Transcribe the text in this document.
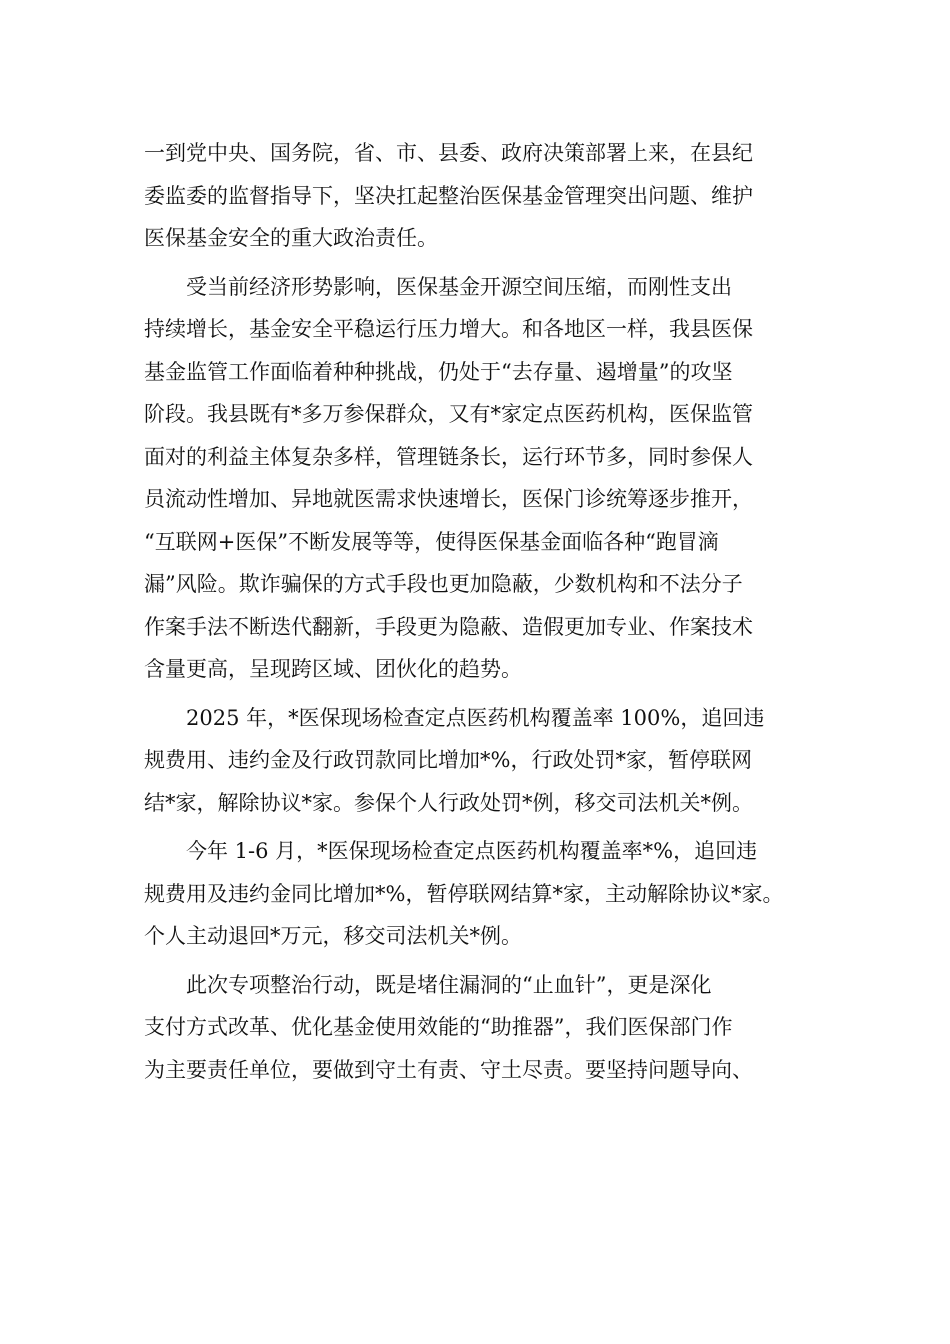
一到党中央、国务院，省、市、县委、政府决策部署上来，在县纪
委监委的监督指导下，坚决扛起整治医保基金管理突出问题、维护
医保基金安全的重大政治责任。

受当前经济形势影响，医保基金开源空间压缩，而刚性支出
持续增长，基金安全平稳运行压力增大。和各地区一样，我县医保
基金监管工作面临着种种挑战，仍处于“去存量、遏增量”的攻坚
阶段。我县既有*多万参保群众，又有*家定点医药机构，医保监管
面对的利益主体复杂多样，管理链条长，运行环节多，同时参保人
员流动性增加、异地就医需求快速增长，医保门诊统筹逐步推开，
“互联网+医保”不断发展等等，使得医保基金面临各种“跑冒滴
漏”风险。欺诈骗保的方式手段也更加隐蔽，少数机构和不法分子
作案手法不断迭代翻新，手段更为隐蔽、造假更加专业、作案技术
含量更高，呈现跨区域、团伙化的趋势。

2025 年，*医保现场检查定点医药机构覆盖率 100%，追回违
规费用、违约金及行政罚款同比增加*%，行政处罚*家，暂停联网
结*家，解除协议*家。参保个人行政处罚*例，移交司法机关*例。

今年 1-6 月，*医保现场检查定点医药机构覆盖率*%，追回违
规费用及违约金同比增加*%，暂停联网结算*家，主动解除协议*家。
个人主动退回*万元，移交司法机关*例。

此次专项整治行动，既是堵住漏洞的“止血针”，更是深化
支付方式改革、优化基金使用效能的“助推器”，我们医保部门作
为主要责任单位，要做到守土有责、守土尽责。要坚持问题导向、
